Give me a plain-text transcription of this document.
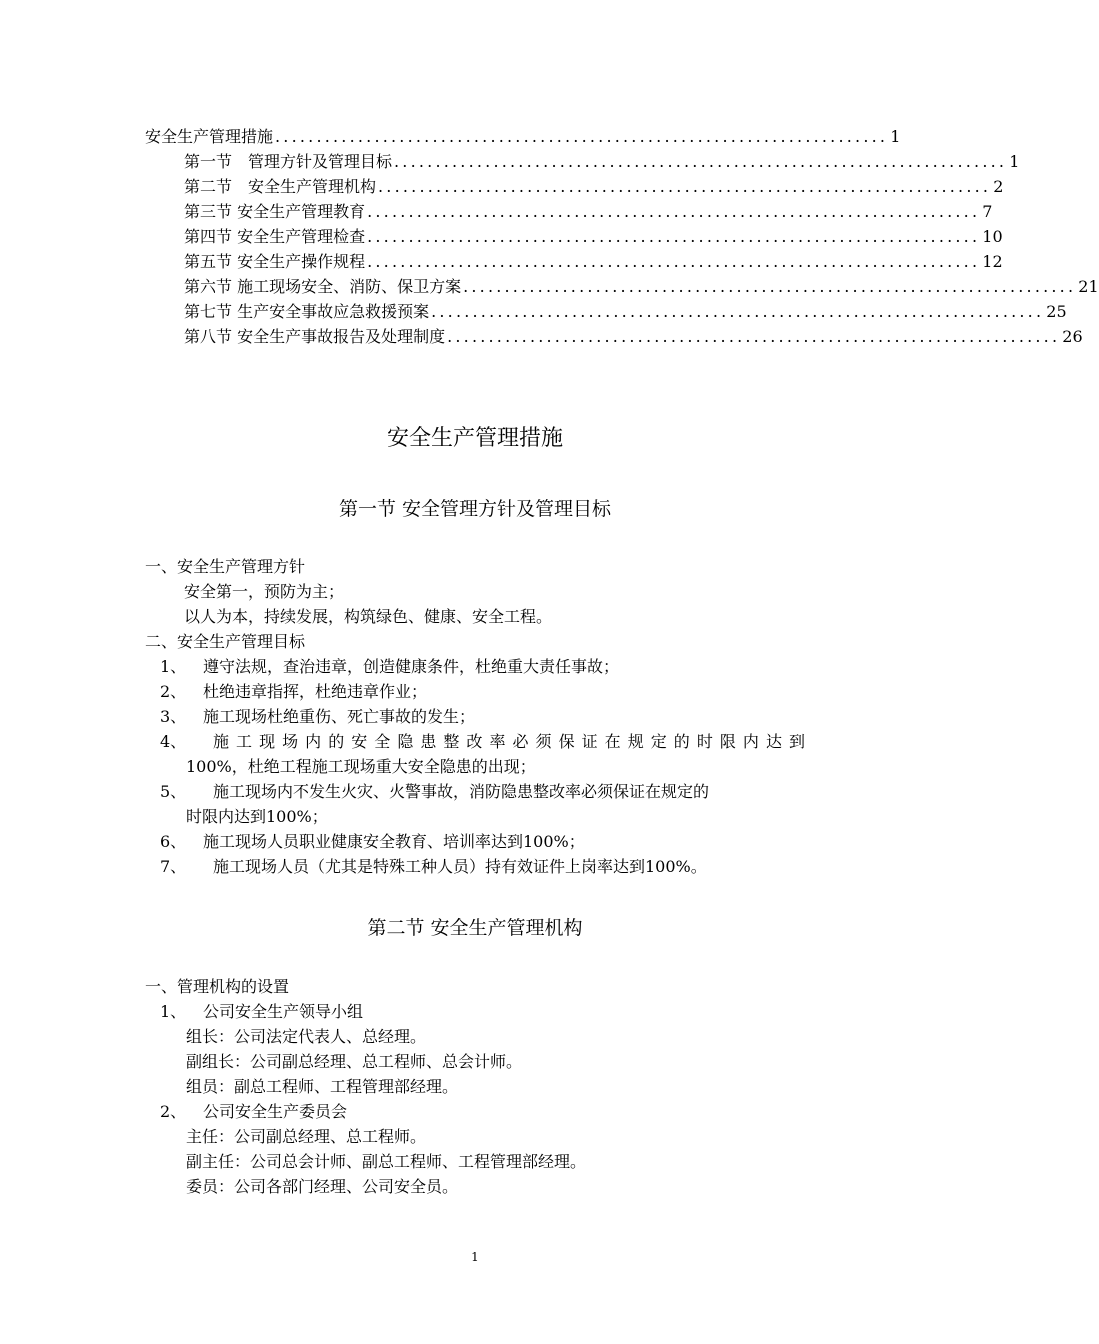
安全生产管理措施 .......................................................................... 1
第一节　管理方针及管理目标 .......................................................................... 1
第二节　安全生产管理机构 .......................................................................... 2
第三节 安全生产管理教育 .......................................................................... 7
第四节 安全生产管理检查 .......................................................................... 10
第五节 安全生产操作规程 .......................................................................... 12
第六节 施工现场安全、消防、保卫方案 .......................................................................... 21
第七节 生产安全事故应急救援预案 .......................................................................... 25
第八节 安全生产事故报告及处理制度 .......................................................................... 26
安全生产管理措施
第一节 安全管理方针及管理目标
一、安全生产管理方针
安全第一，预防为主；
以人为本，持续发展，构筑绿色、健康、安全工程。
二、安全生产管理目标
1、 遵守法规，查治违章，创造健康条件，杜绝重大责任事故；
2、 杜绝违章指挥，杜绝违章作业；
3、 施工现场杜绝重伤、死亡事故的发生；
4、 施工现场内的安全隐患整改率必须保证在规定的时限内达到
100%，杜绝工程施工现场重大安全隐患的出现；
5、 施工现场内不发生火灾、火警事故，消防隐患整改率必须保证在规定的
时限内达到100%；
6、 施工现场人员职业健康安全教育、培训率达到100%；
7、 施工现场人员（尤其是特殊工种人员）持有效证件上岗率达到100%。
第二节 安全生产管理机构
一、管理机构的设置
1、 公司安全生产领导小组
组长：公司法定代表人、总经理。
副组长：公司副总经理、总工程师、总会计师。
组员：副总工程师、工程管理部经理。
2、 公司安全生产委员会
主任：公司副总经理、总工程师。
副主任：公司总会计师、副总工程师、工程管理部经理。
委员：公司各部门经理、公司安全员。
1
